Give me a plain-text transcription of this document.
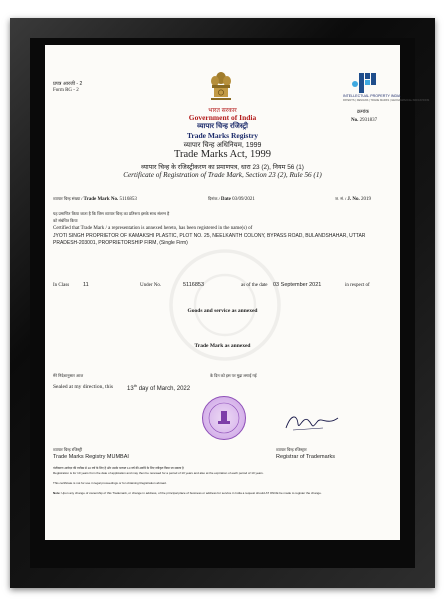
प्रपत्र आरजी - 2
Form RG - 2
INTELLECTUAL PROPERTY INDIA
PATENTS | DESIGNS | TRADE MARKS | GEOGRAPHICAL INDICATIONS
भारत सरकार
Government of India
व्यापार चिन्ह रजिस्ट्री
Trade Marks Registry
व्यापार चिन्ह अधिनियम, 1999
Trade Marks Act, 1999
व्यापार चिन्ह के रजिस्ट्रीकरण का प्रमाणपत्र, धारा 23 (2), नियम 56 (1)
Certificate of Registration of Trade Mark, Section 23 (2), Rule 56 (1)
क्रमांक
No. 2931837
व्यापार चिन्ह संख्या / Trade Mark No. 5116853	दिनांक / Date 03/09/2021	ज. सं. / J. No. 2019
यह प्रमाणित किया जाता है कि जिस व्यापार चिन्ह का प्रतिरूप इसके साथ संलग्न है
को संबंधित किया
Certified that Trade Mark / a representation is annexed hereto, has been registered in the name(s) of
JYOTI SINGH PROPRIETOR OF KAMAKSHI PLASTIC, PLOT NO. 25, NEELKANTH COLONY, BYPASS ROAD, BULANDSHAHAR, UTTAR
PRADESH-203001, PROPRIETORSHIP FIRM, (Single Firm)
In Class	11	Under No.	5116853	as of the date 03 September 2021	in respect of
Goods and service as annexed
Trade Mark as annexed
मेरे निदेशानुसार आज	के दिन को इस पर मुद्रा लगाई गई
Sealed at my direction, this 13th day of March, 2022
व्यापार चिन्ह रजिस्ट्री
Trade Marks Registry MUMBAI
व्यापार चिन्ह रजिस्ट्रार
Registrar of Trademarks
पंजीकरण आवेदन की तारीख से 10 वर्ष के लिए है और उसके पश्चात 10 वर्ष की अवधि के लिए नवीकृत किया जा सकता है
Registration is for 10 years from the date of application and may then be renewed for a period of 10 years and also at the expiration of each period of 10 years.
This certificate is not for use in legal proceedings or for obtaining Registration abroad.
Note: Upon any change of ownership of this Trademark, or change in address, of the principal place of business or address for service in India a request should AT ONCE be made to register the change.
